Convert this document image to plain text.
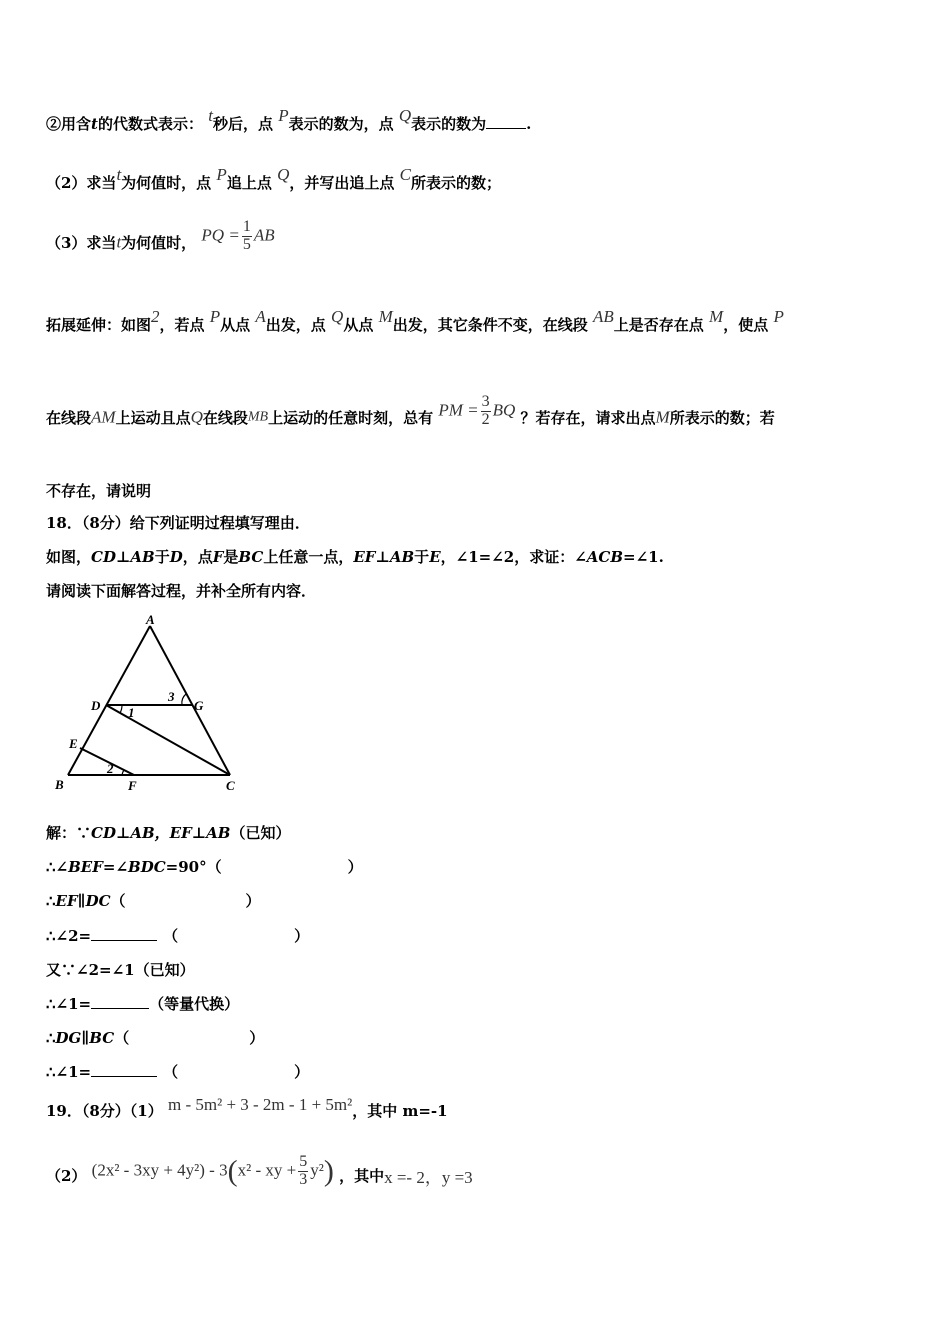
②用含t的代数式表示： t秒后，点 P表示的数为，点 Q表示的数为	.
（2）求当t为何值时，点 P追上点 Q，并写出追上点 C所表示的数；
（3）求当t为何值时， PQ = $\frac{1}{5}$ AB
拓展延伸：如图2，若点 P从点 A出发，点 Q从点 M出发，其它条件不变，在线段 AB上是否存在点 M，使点 P
在线段AM上运动且点Q在线段MB上运动的任意时刻，总有 PM = $\frac{3}{2}$ BQ ？若存在，请求出点M所表示的数；若
不存在，请说明
18．（8分）给下列证明过程填写理由．
如图，CD⊥AB于D，点F是BC上任意一点，EF⊥AB于E，∠1=∠2，求证：∠ACB=∠1.
请阅读下面解答过程，并补全所有内容．
A
B	C
D
E
F
G
1
2
3
解：∵CD⊥AB，EF⊥AB（已知）
∴∠BEF=∠BDC=90°（	）
∴EF∥DC（	）
∴∠2=	（	）
又∵∠2=∠1（已知）
∴∠1=	（等量代换）
∴DG∥BC（	）
∴∠1=	（	）
19．（8分）（1） m - 5m² + 3 - 2m - 1 + 5m²，其中 m=-1
（2） (2x² - 3xy + 4y²) - 3(x² - xy + $\frac{5}{3} y^2$) ，其中x =- 2，y =3
